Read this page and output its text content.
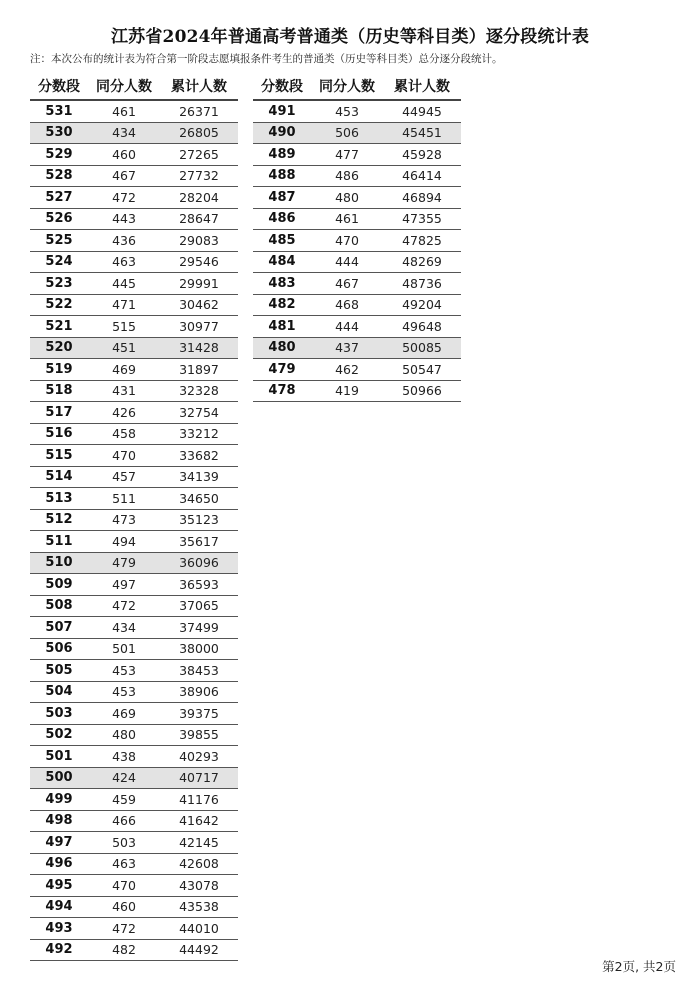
江苏省2024年普通高考普通类（历史等科目类）逐分段统计表
注：本次公布的统计表为符合第一阶段志愿填报条件考生的普通类（历史等科目类）总分逐分段统计。
分数段	同分人数	累计人数
531	461	26371
530	434	26805
529	460	27265
528	467	27732
527	472	28204
526	443	28647
525	436	29083
524	463	29546
523	445	29991
522	471	30462
521	515	30977
520	451	31428
519	469	31897
518	431	32328
517	426	32754
516	458	33212
515	470	33682
514	457	34139
513	511	34650
512	473	35123
511	494	35617
510	479	36096
509	497	36593
508	472	37065
507	434	37499
506	501	38000
505	453	38453
504	453	38906
503	469	39375
502	480	39855
501	438	40293
500	424	40717
499	459	41176
498	466	41642
497	503	42145
496	463	42608
495	470	43078
494	460	43538
493	472	44010
492	482	44492
分数段	同分人数	累计人数
491	453	44945
490	506	45451
489	477	45928
488	486	46414
487	480	46894
486	461	47355
485	470	47825
484	444	48269
483	467	48736
482	468	49204
481	444	49648
480	437	50085
479	462	50547
478	419	50966
第2页, 共2页
